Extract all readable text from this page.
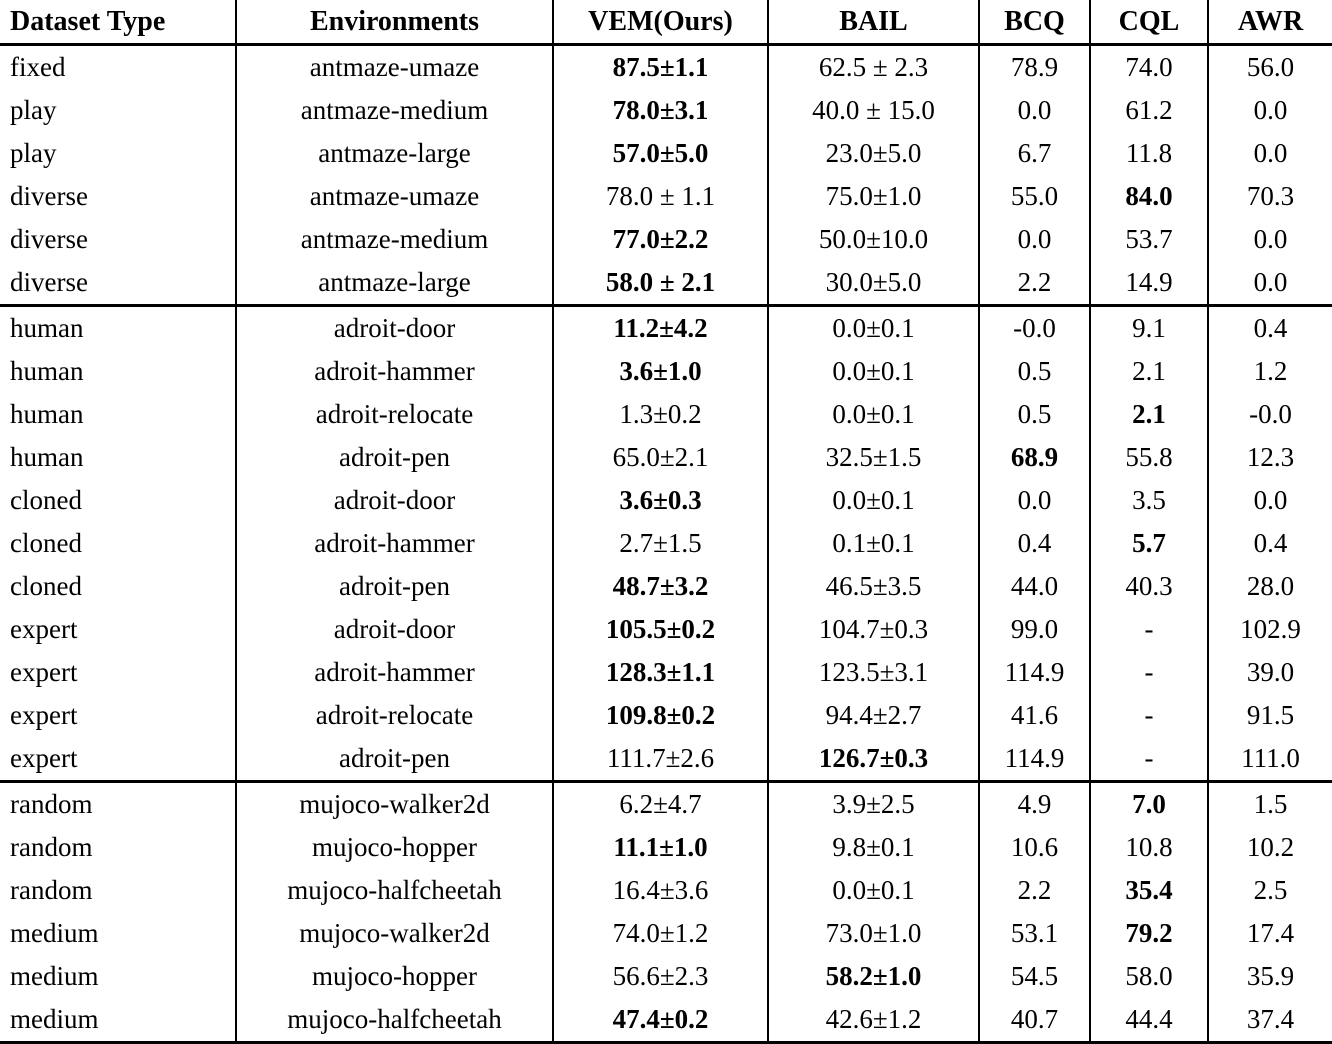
Dataset Type	Environments	VEM(Ours)	BAIL	BCQ	CQL	AWR
fixed	antmaze-umaze	87.5±1.1	62.5 ± 2.3	78.9	74.0	56.0
play	antmaze-medium	78.0±3.1	40.0 ± 15.0	0.0	61.2	0.0
play	antmaze-large	57.0±5.0	23.0±5.0	6.7	11.8	0.0
diverse	antmaze-umaze	78.0 ± 1.1	75.0±1.0	55.0	84.0	70.3
diverse	antmaze-medium	77.0±2.2	50.0±10.0	0.0	53.7	0.0
diverse	antmaze-large	58.0 ± 2.1	30.0±5.0	2.2	14.9	0.0
human	adroit-door	11.2±4.2	0.0±0.1	-0.0	9.1	0.4
human	adroit-hammer	3.6±1.0	0.0±0.1	0.5	2.1	1.2
human	adroit-relocate	1.3±0.2	0.0±0.1	0.5	2.1	-0.0
human	adroit-pen	65.0±2.1	32.5±1.5	68.9	55.8	12.3
cloned	adroit-door	3.6±0.3	0.0±0.1	0.0	3.5	0.0
cloned	adroit-hammer	2.7±1.5	0.1±0.1	0.4	5.7	0.4
cloned	adroit-pen	48.7±3.2	46.5±3.5	44.0	40.3	28.0
expert	adroit-door	105.5±0.2	104.7±0.3	99.0	-	102.9
expert	adroit-hammer	128.3±1.1	123.5±3.1	114.9	-	39.0
expert	adroit-relocate	109.8±0.2	94.4±2.7	41.6	-	91.5
expert	adroit-pen	111.7±2.6	126.7±0.3	114.9	-	111.0
random	mujoco-walker2d	6.2±4.7	3.9±2.5	4.9	7.0	1.5
random	mujoco-hopper	11.1±1.0	9.8±0.1	10.6	10.8	10.2
random	mujoco-halfcheetah	16.4±3.6	0.0±0.1	2.2	35.4	2.5
medium	mujoco-walker2d	74.0±1.2	73.0±1.0	53.1	79.2	17.4
medium	mujoco-hopper	56.6±2.3	58.2±1.0	54.5	58.0	35.9
medium	mujoco-halfcheetah	47.4±0.2	42.6±1.2	40.7	44.4	37.4
